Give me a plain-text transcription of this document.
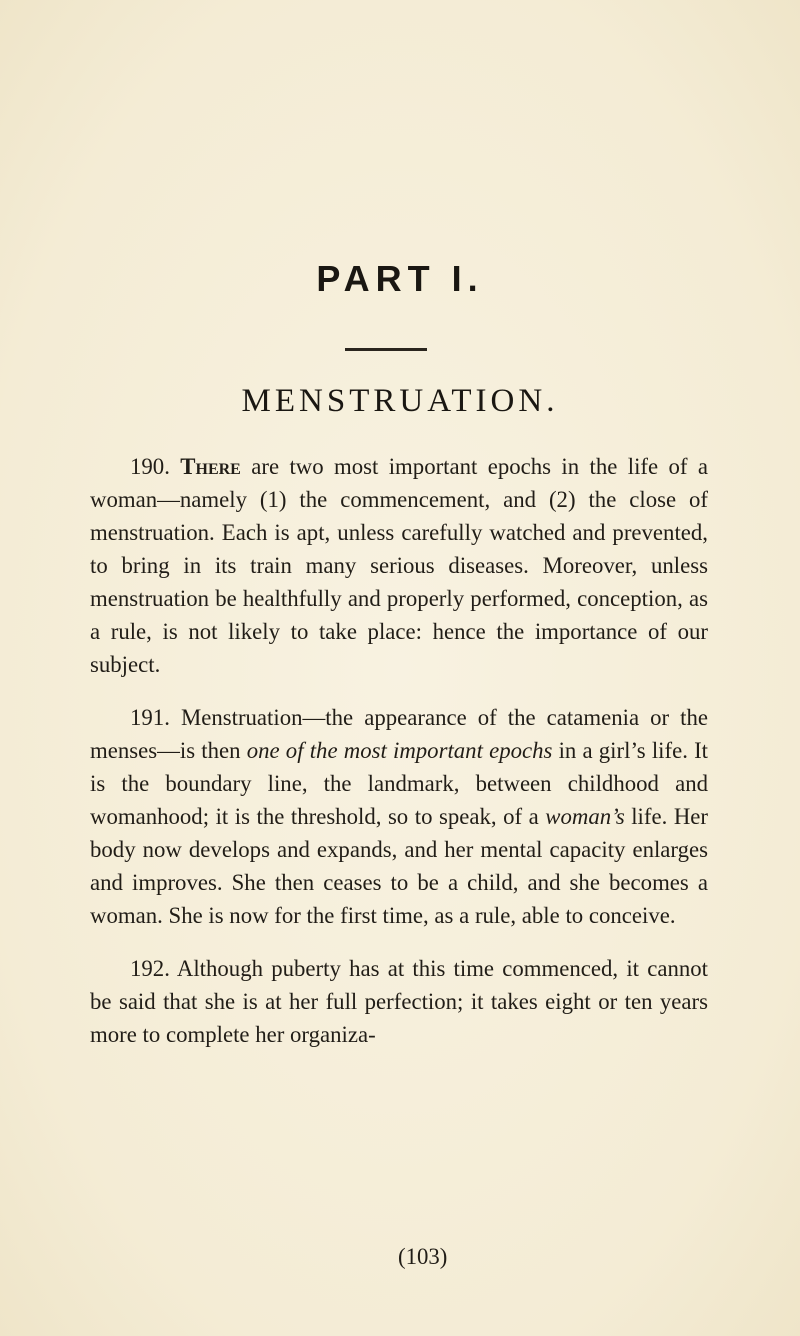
PART I.
MENSTRUATION.

190. There are two most important epochs in the life of a woman—namely (1) the commencement, and (2) the close of menstruation. Each is apt, unless carefully watched and prevented, to bring in its train many serious diseases. Moreover, unless menstruation be healthfully and properly performed, conception, as a rule, is not likely to take place: hence the importance of our subject.

191. Menstruation—the appearance of the catamenia or the menses—is then one of the most important epochs in a girl’s life. It is the boundary line, the landmark, between childhood and womanhood; it is the threshold, so to speak, of a woman’s life. Her body now develops and expands, and her mental capacity enlarges and improves. She then ceases to be a child, and she becomes a woman. She is now for the first time, as a rule, able to conceive.

192. Although puberty has at this time commenced, it cannot be said that she is at her full perfection; it takes eight or ten years more to complete her organiza-

(103)
